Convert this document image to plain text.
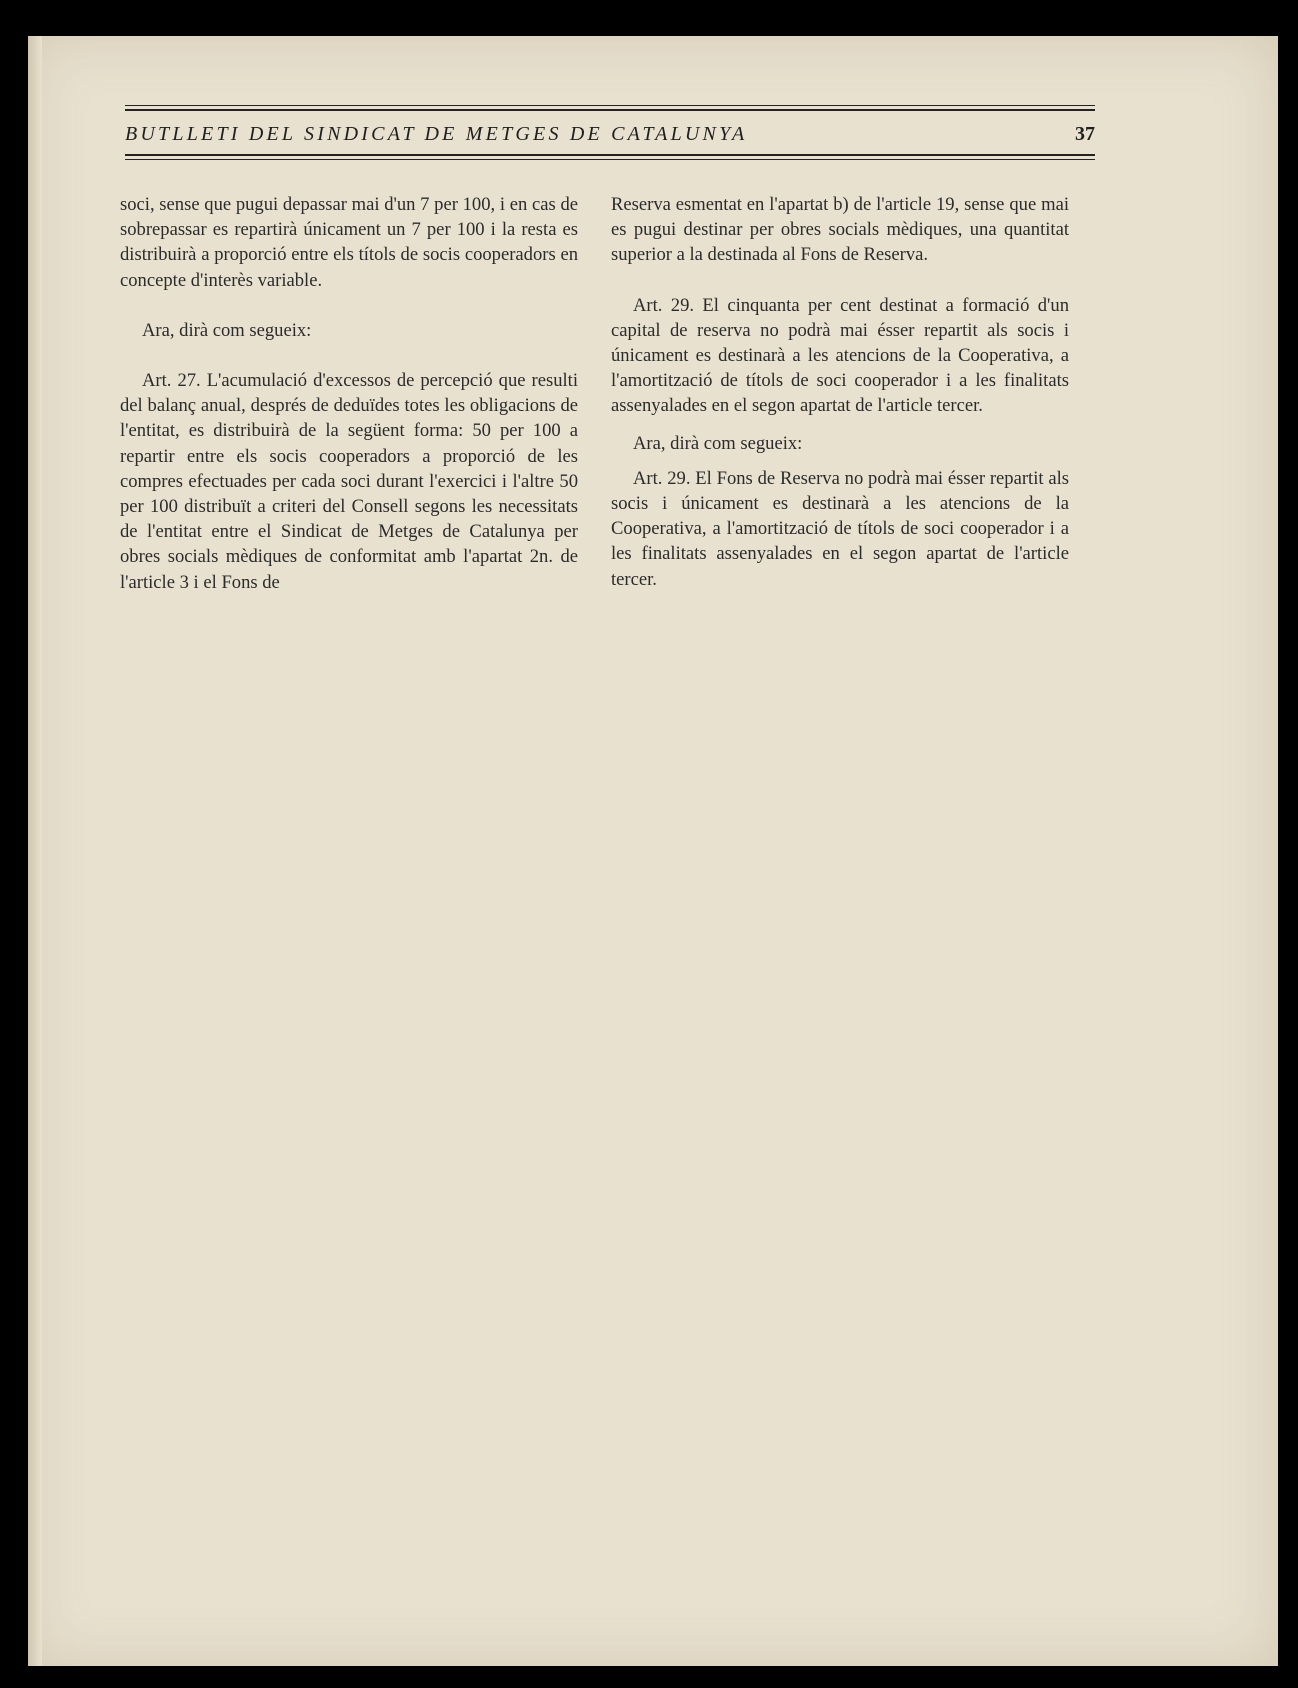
BUTLLETI DEL SINDICAT DE METGES DE CATALUNYA	37

soci, sense que pugui depassar mai d'un 7 per 100, i en cas de sobrepassar es repartirà únicament un 7 per 100 i la resta es distribuirà a proporció entre els títols de socis cooperadors en concepte d'interès variable.

Ara, dirà com segueix:

Art. 27. L'acumulació d'excessos de percepció que resulti del balanç anual, després de deduïdes totes les obligacions de l'entitat, es distribuirà de la següent forma: 50 per 100 a repartir entre els socis cooperadors a proporció de les compres efectuades per cada soci durant l'exercici i l'altre 50 per 100 distribuït a criteri del Consell segons les necessitats de l'entitat entre el Sindicat de Metges de Catalunya per obres socials mèdiques de conformitat amb l'apartat 2n. de l'article 3 i el Fons de

Reserva esmentat en l'apartat b) de l'article 19, sense que mai es pugui destinar per obres socials mèdiques, una quantitat superior a la destinada al Fons de Reserva.

Art. 29. El cinquanta per cent destinat a formació d'un capital de reserva no podrà mai ésser repartit als socis i únicament es destinarà a les atencions de la Cooperativa, a l'amortització de títols de soci cooperador i a les finalitats assenyalades en el segon apartat de l'article tercer.

Ara, dirà com segueix:

Art. 29. El Fons de Reserva no podrà mai ésser repartit als socis i únicament es destinarà a les atencions de la Cooperativa, a l'amortització de títols de soci cooperador i a les finalitats assenyalades en el segon apartat de l'article tercer.
